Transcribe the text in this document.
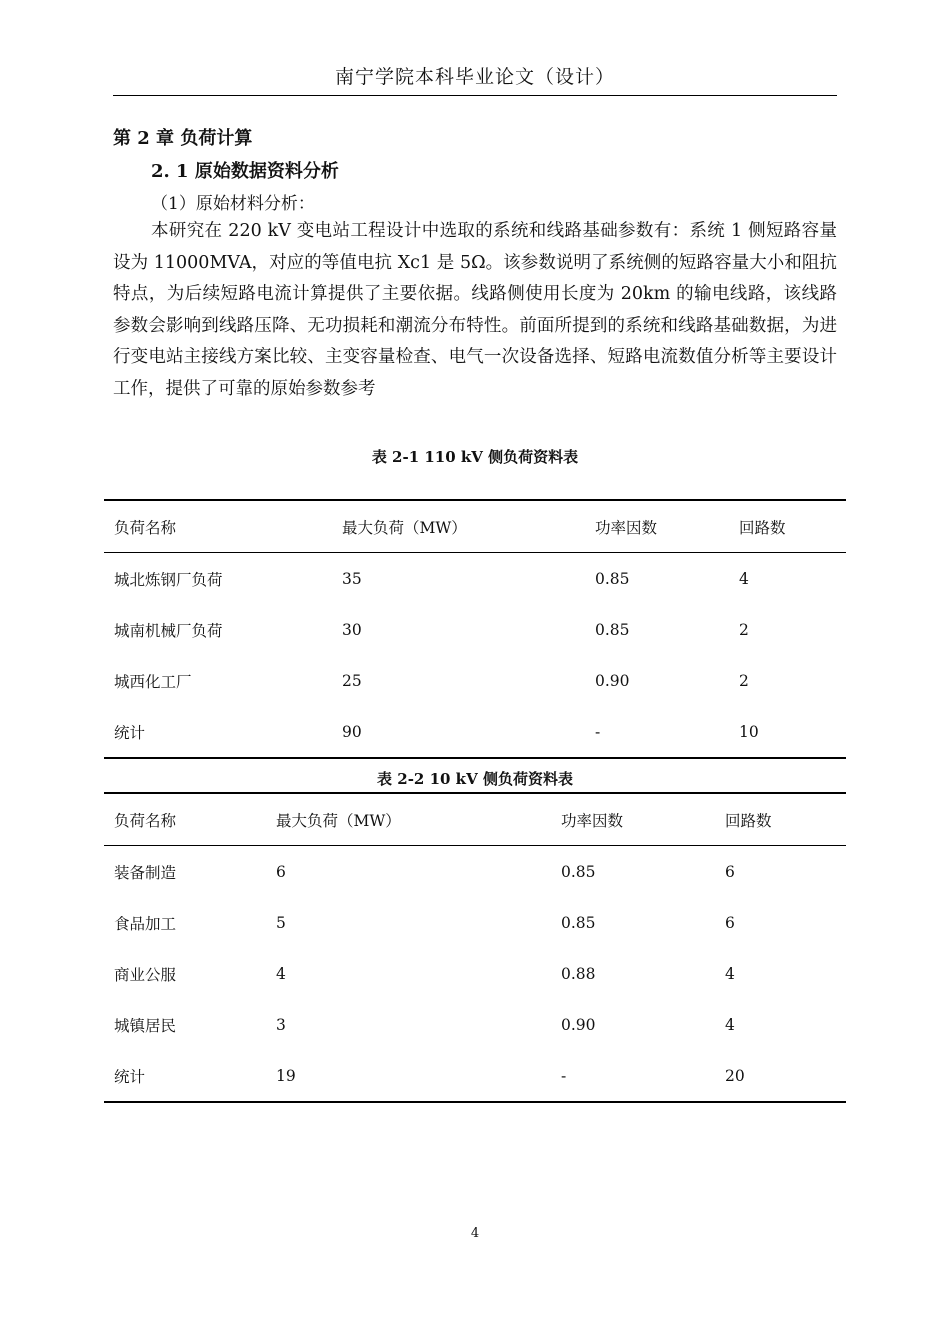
南宁学院本科毕业论文（设计）
第 2 章 负荷计算
2. 1 原始数据资料分析
（1）原始材料分析：

本研究在 220 kV 变电站工程设计中选取的系统和线路基础参数有：系统 1 侧短路容量设为 11000MVA，对应的等值电抗 Xc1 是 5Ω。该参数说明了系统侧的短路容量大小和阻抗特点，为后续短路电流计算提供了主要依据。线路侧使用长度为 20km 的输电线路，该线路参数会影响到线路压降、无功损耗和潮流分布特性。前面所提到的系统和线路基础数据，为进行变电站主接线方案比较、主变容量检查、电气一次设备选择、短路电流数值分析等主要设计工作，提供了可靠的原始参数参考

表 2-1 110 kV 侧负荷资料表
负荷名称	最大负荷（MW）	功率因数	回路数
城北炼钢厂负荷	35	0.85	4
城南机械厂负荷	30	0.85	2
城西化工厂	25	0.90	2
统计	90	-	10
表 2-2 10 kV 侧负荷资料表
负荷名称	最大负荷（MW）	功率因数	回路数
装备制造	6	0.85	6
食品加工	5	0.85	6
商业公服	4	0.88	4
城镇居民	3	0.90	4
统计	19	-	20
4
